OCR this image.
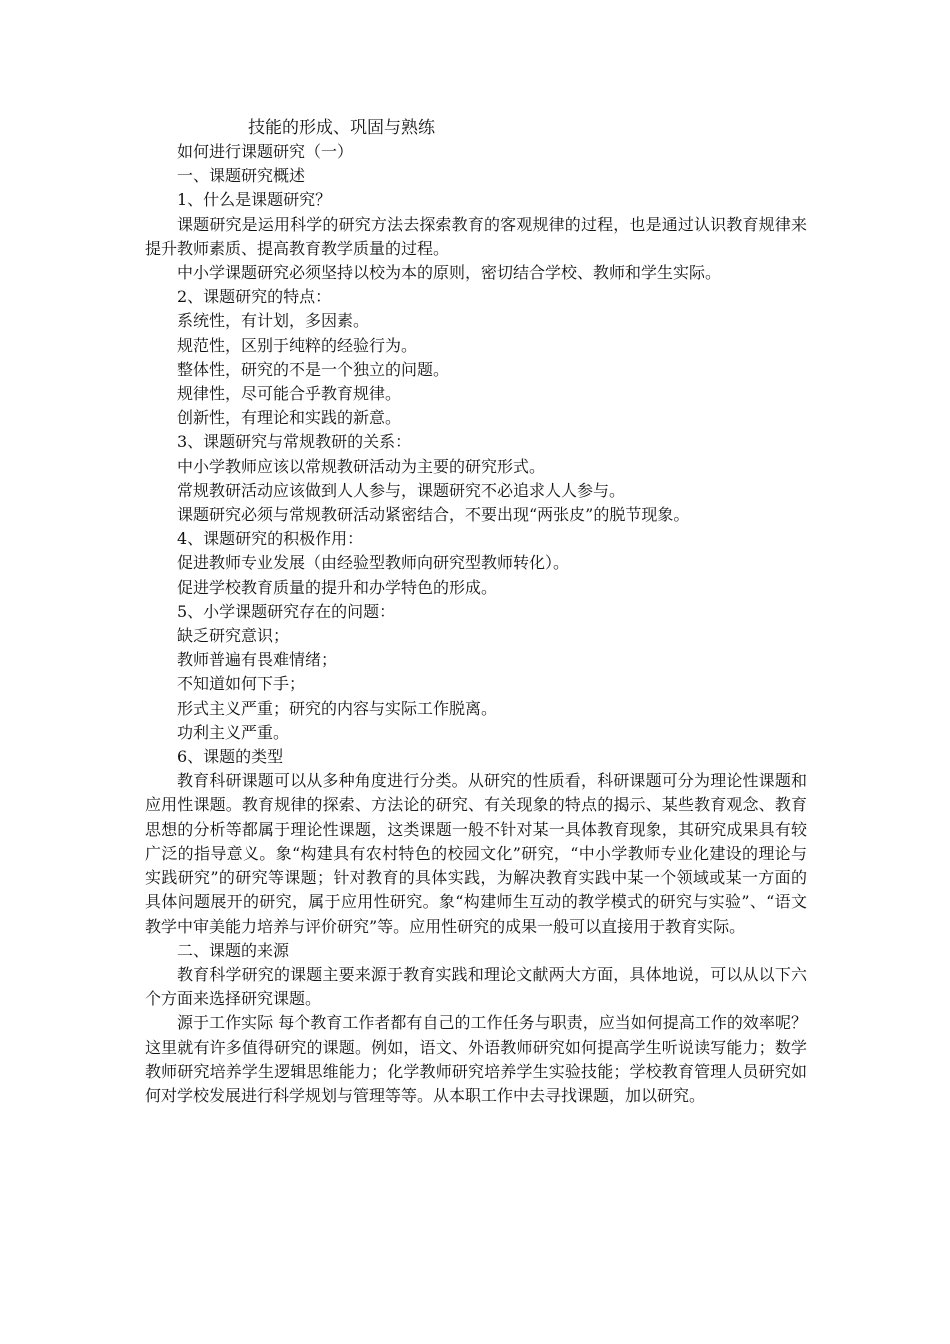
技能的形成、巩固与熟练

如何进行课题研究（一）

一、课题研究概述

1、什么是课题研究？

课题研究是运用科学的研究方法去探索教育的客观规律的过程，也是通过认识教育规律来提升教师素质、提高教育教学质量的过程。

中小学课题研究必须坚持以校为本的原则，密切结合学校、教师和学生实际。

2、课题研究的特点：

系统性，有计划，多因素。

规范性，区别于纯粹的经验行为。

整体性，研究的不是一个独立的问题。

规律性，尽可能合乎教育规律。

创新性，有理论和实践的新意。

3、课题研究与常规教研的关系：

中小学教师应该以常规教研活动为主要的研究形式。

常规教研活动应该做到人人参与，课题研究不必追求人人参与。

课题研究必须与常规教研活动紧密结合，不要出现“两张皮”的脱节现象。

4、课题研究的积极作用：

促进教师专业发展（由经验型教师向研究型教师转化）。

促进学校教育质量的提升和办学特色的形成。

5、小学课题研究存在的问题：

缺乏研究意识；

教师普遍有畏难情绪；

不知道如何下手；

形式主义严重；研究的内容与实际工作脱离。

功利主义严重。

6、课题的类型

教育科研课题可以从多种角度进行分类。从研究的性质看，科研课题可分为理论性课题和应用性课题。教育规律的探索、方法论的研究、有关现象的特点的揭示、某些教育观念、教育思想的分析等都属于理论性课题，这类课题一般不针对某一具体教育现象，其研究成果具有较广泛的指导意义。象“构建具有农村特色的校园文化”研究，“中小学教师专业化建设的理论与实践研究”的研究等课题；针对教育的具体实践，为解决教育实践中某一个领域或某一方面的具体问题展开的研究，属于应用性研究。象“构建师生互动的教学模式的研究与实验”、“语文教学中审美能力培养与评价研究”等。应用性研究的成果一般可以直接用于教育实际。

二、课题的来源

教育科学研究的课题主要来源于教育实践和理论文献两大方面，具体地说，可以从以下六个方面来选择研究课题。

源于工作实际 每个教育工作者都有自己的工作任务与职责，应当如何提高工作的效率呢？这里就有许多值得研究的课题。例如，语文、外语教师研究如何提高学生听说读写能力；数学教师研究培养学生逻辑思维能力；化学教师研究培养学生实验技能；学校教育管理人员研究如何对学校发展进行科学规划与管理等等。从本职工作中去寻找课题，加以研究。
